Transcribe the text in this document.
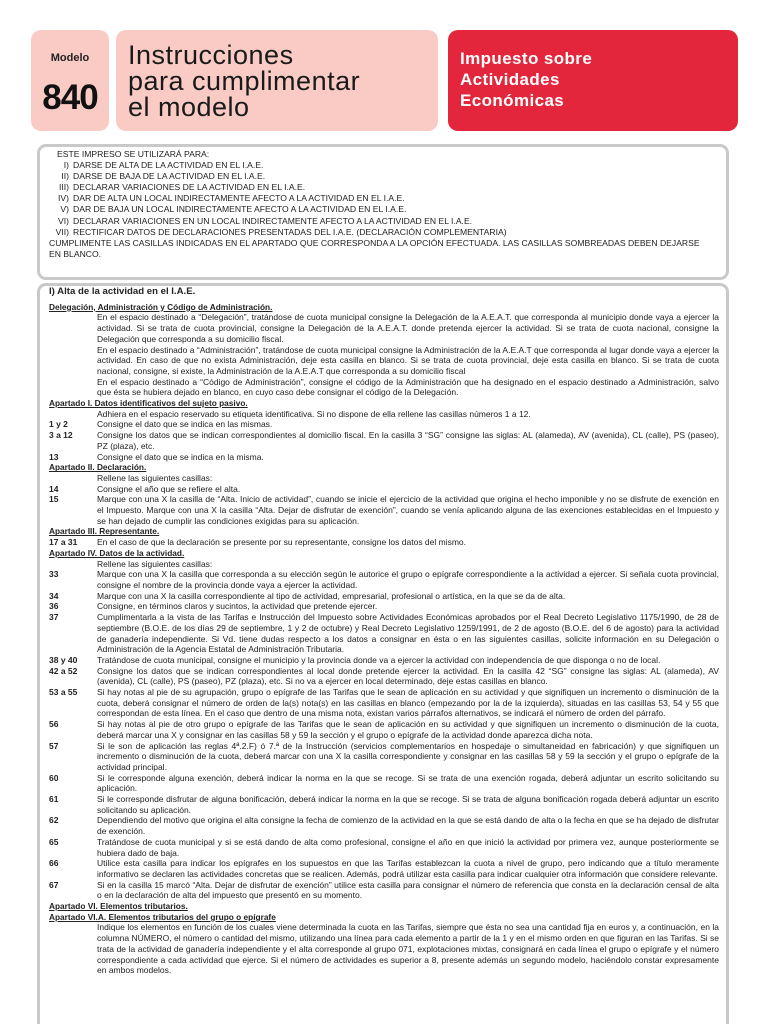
Modelo
840
Instrucciones
para cumplimentar
el modelo
Impuesto sobre
Actividades
Económicas
ESTE IMPRESO SE UTILIZARÁ PARA:
I) DARSE DE ALTA DE LA ACTIVIDAD EN EL I.A.E.
II) DARSE DE BAJA DE LA ACTIVIDAD EN EL I.A.E.
III) DECLARAR VARIACIONES DE LA ACTIVIDAD EN EL I.A.E.
IV) DAR DE ALTA UN LOCAL INDIRECTAMENTE AFECTO A LA ACTIVIDAD EN EL I.A.E.
V) DAR DE BAJA UN LOCAL INDIRECTAMENTE AFECTO A LA ACTIVIDAD EN EL I.A.E.
VI) DECLARAR VARIACIONES EN UN LOCAL INDIRECTAMENTE AFECTO A LA ACTIVIDAD EN EL I.A.E.
VII) RECTIFICAR DATOS DE DECLARACIONES PRESENTADAS DEL I.A.E. (DECLARACIÓN COMPLEMENTARIA)
CUMPLIMENTE LAS CASILLAS INDICADAS EN EL APARTADO QUE CORRESPONDA A LA OPCIÓN EFECTUADA. LAS CASILLAS SOMBREADAS DEBEN DEJARSE
EN BLANCO.
I) Alta de la actividad en el I.A.E.
Delegación, Administración y Código de Administración.
En el espacio destinado a “Delegación”, tratándose de cuota municipal consigne la Delegación de la A.E.A.T. que corresponda al municipio donde vaya a ejercer la actividad. Si se trata de cuota provincial, consigne la Delegación de la A.E.A.T. donde pretenda ejercer la actividad. Si se trata de cuota nacional, consigne la Delegación que corresponda a su domicilio fiscal.
En el espacio destinado a “Administración”, tratándose de cuota municipal consigne la Administración de la A.E.A.T que corresponda al lugar donde vaya a ejercer la actividad. En caso de que no exista Administración, deje esta casilla en blanco. Si se trata de cuota provincial, deje esta casilla en blanco. Si se trata de cuota nacional, consigne, si existe, la Administración de la A.E.A.T que corresponda a su domicilio fiscal
En el espacio destinado a “Código de Administración”, consigne el código de la Administración que ha designado en el espacio destinado a Administración, salvo que ésta se hubiera dejado en blanco, en cuyo caso debe consignar el código de la Delegación.
Apartado I. Datos identificativos del sujeto pasivo.
Adhiera en el espacio reservado su etiqueta identificativa. Si no dispone de ella rellene las casillas números 1 a 12.
1 y 2	Consigne el dato que se indica en las mismas.
3 a 12	Consigne los datos que se indican correspondientes al domicilio fiscal. En la casilla 3 “SG” consigne las siglas: AL (alameda), AV (avenida), CL (calle), PS (paseo), PZ (plaza), etc.
13	Consigne el dato que se indica en la misma.
Apartado II. Declaración.
Rellene las siguientes casillas:
14	Consigne el año que se refiere el alta.
15	Marque con una X la casilla de “Alta. Inicio de actividad”, cuando se inicie el ejercicio de la actividad que origina el hecho imponible y no se disfrute de exención en el Impuesto. Marque con una X la casilla “Alta. Dejar de disfrutar de exención”, cuando se venía aplicando alguna de las exenciones establecidas en el Impuesto y se han dejado de cumplir las condiciones exigidas para su aplicación.
Apartado III. Representante.
17 a 31	En el caso de que la declaración se presente por su representante, consigne los datos del mismo.
Apartado IV. Datos de la actividad.
Rellene las siguientes casillas:
33	Marque con una X la casilla que corresponda a su elección según le autorice el grupo o epígrafe correspondiente a la actividad a ejercer. Si señala cuota provincial, consigne el nombre de la provincia donde vaya a ejercer la actividad.
34	Marque con una X la casilla correspondiente al tipo de actividad, empresarial, profesional o artística, en la que se da de alta.
36	Consigne, en términos claros y sucintos, la actividad que pretende ejercer.
37	Cumplimentarla a la vista de las Tarifas e Instrucción del Impuesto sobre Actividades Económicas aprobados por el Real Decreto Legislativo 1175/1990, de 28 de septiembre (B.O.E. de los días 29 de septiembre, 1 y 2 de octubre) y Real Decreto Legislativo 1259/1991, de 2 de agosto (B.O.E. del 6 de agosto) para la actividad de ganadería independiente. Si Vd. tiene dudas respecto a los datos a consignar en ésta o en las siguientes casillas, solicite información en su Delegación o Administración de la Agencia Estatal de Administración Tributaria.
38 y 40	Tratándose de cuota municipal, consigne el municipio y la provincia donde va a ejercer la actividad con independencia de que disponga o no de local.
42 a 52	Consigne los datos que se indican correspondientes al local donde pretende ejercer la actividad. En la casilla 42 “SG” consigne las siglas: AL (alameda), AV (avenida), CL (calle), PS (paseo), PZ (plaza), etc. Si no va a ejercer en local determinado, deje estas casillas en blanco.
53 a 55	Si hay notas al pie de su agrupación, grupo o epígrafe de las Tarifas que le sean de aplicación en su actividad y que signifiquen un incremento o disminución de la cuota, deberá consignar el número de orden de la(s) nota(s) en las casillas en blanco (empezando por la de la izquierda), situadas en las casillas 53, 54 y 55 que correspondan de esta línea. En el caso que dentro de una misma nota, existan varios párrafos alternativos, se indicará el número de orden del párrafo.
56	Si hay notas al pie de otro grupo o epígrafe de las Tarifas que le sean de aplicación en su actividad y que signifiquen un incremento o disminución de la cuota, deberá marcar una X y consignar en las casillas 58 y 59 la sección y el grupo o epígrafe de la actividad donde aparezca dicha nota.
57	Si le son de aplicación las reglas 4ª.2.F) ó 7.ª de la Instrucción (servicios complementarios en hospedaje o simultaneidad en fabricación) y que signifiquen un incremento o disminución de la cuota, deberá marcar con una X la casilla correspondiente y consignar en las casillas 58 y 59 la sección y el grupo o epígrafe de la actividad principal.
60	Si le corresponde alguna exención, deberá indicar la norma en la que se recoge. Si se trata de una exención rogada, deberá adjuntar un escrito solicitando su aplicación.
61	Si le corresponde disfrutar de alguna bonificación, deberá indicar la norma en la que se recoge. Si se trata de alguna bonificación rogada deberá adjuntar un escrito solicitando su aplicación.
62	Dependiendo del motivo que origina el alta consigne la fecha de comienzo de la actividad en la que se está dando de alta o la fecha en que se ha dejado de disfrutar de exención.
65	Tratándose de cuota municipal y si se está dando de alta como profesional, consigne el año en que inició la actividad por primera vez, aunque posteriormente se hubiera dado de baja.
66	Utilice esta casilla para indicar los epígrafes en los supuestos en que las Tarifas establezcan la cuota a nivel de grupo, pero indicando que a título meramente informativo se declaren las actividades concretas que se realicen. Además, podrá utilizar esta casilla para indicar cualquier otra información que considere relevante.
67	Si en la casilla 15 marcó “Alta. Dejar de disfrutar de exención” utilice esta casilla para consignar el número de referencia que consta en la declaración censal de alta o en la declaración de alta del impuesto que presentó en su momento.
Apartado VI. Elementos tributarios.
Apartado VI.A. Elementos tributarios del grupo o epígrafe
Indique los elementos en función de los cuales viene determinada la cuota en las Tarifas, siempre que ésta no sea una cantidad fija en euros y, a continuación, en la columna NÚMERO, el número o cantidad del mismo, utilizando una línea para cada elemento a partir de la 1 y en el mismo orden en que figuran en las Tarifas. Si se trata de la actividad de ganadería independiente y el alta corresponde al grupo 071, explotaciones mixtas, consignará en cada línea el grupo o epígrafe y el número correspondiente a cada actividad que ejerce. Si el número de actividades es superior a 8, presente además un segundo modelo, haciéndolo constar expresamente en ambos modelos.
